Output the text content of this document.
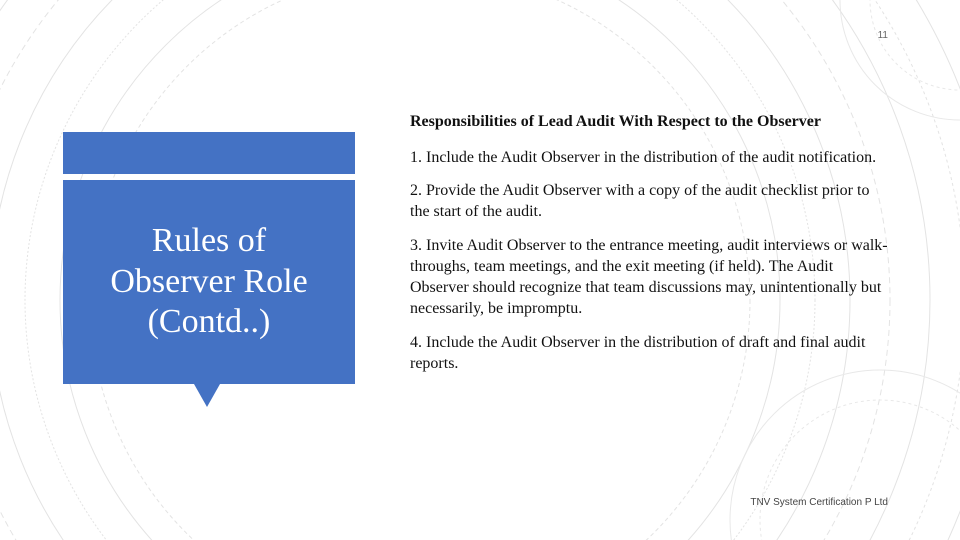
11

Rules of
Observer Role
(Contd..)

Responsibilities of Lead Audit With Respect to the Observer

1. Include the Audit Observer in the distribution of the audit notification.

2. Provide the Audit Observer with a copy of the audit checklist prior to the start of the audit.

3. Invite Audit Observer to the entrance meeting, audit interviews or walk-throughs, team meetings, and the exit meeting (if held). The Audit Observer should recognize that team discussions may, unintentionally but necessarily, be impromptu.

4. Include the Audit Observer in the distribution of draft and final audit reports.

TNV System Certification P Ltd
